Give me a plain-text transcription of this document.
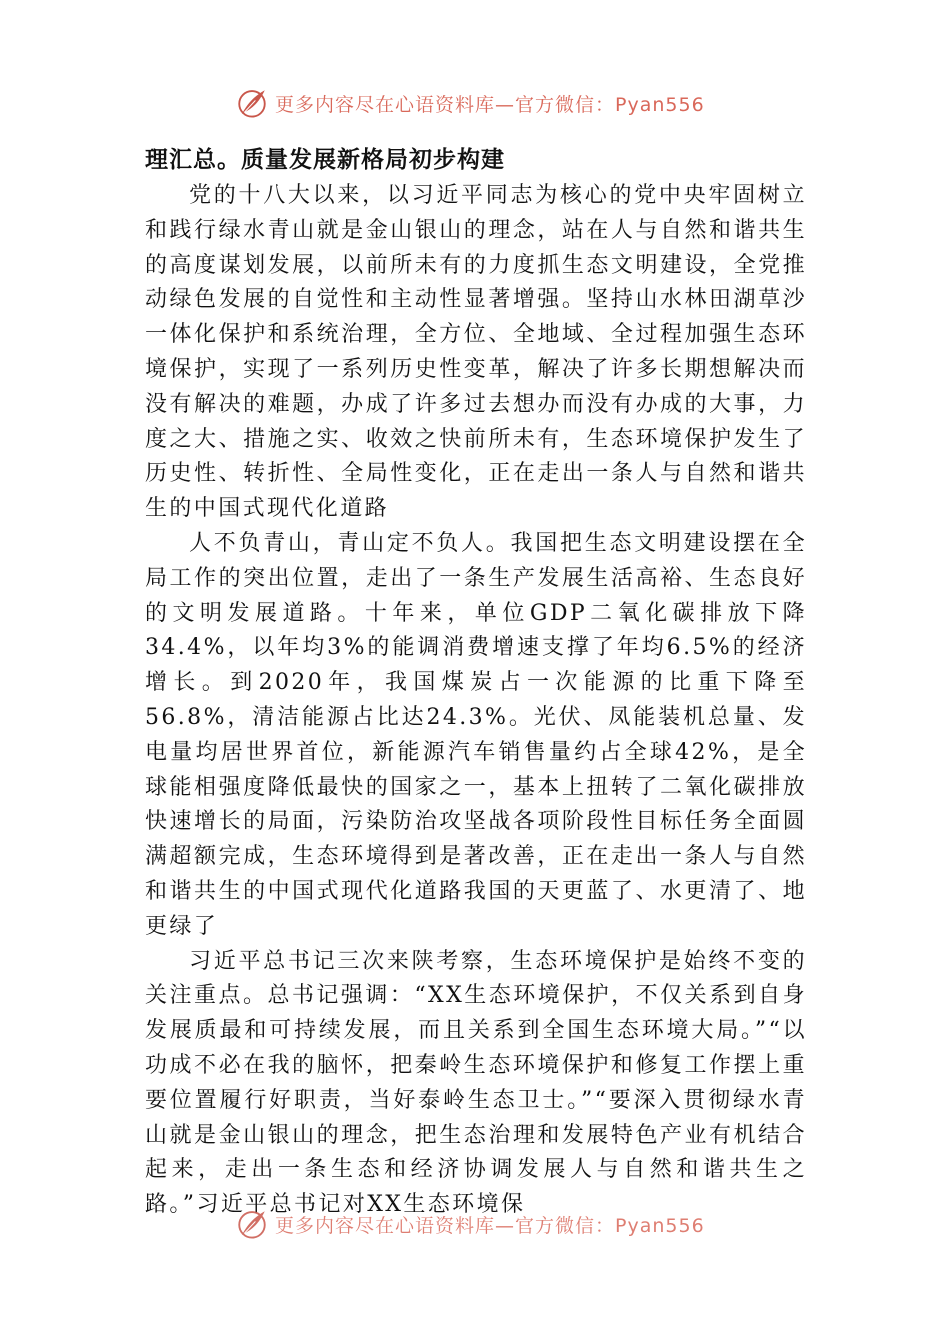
更多内容尽在心语资料库—官方微信：Pyan556
理汇总。质量发展新格局初步构建

党的十八大以来，以习近平同志为核心的党中央牢固树立和践行绿水青山就是金山银山的理念，站在人与自然和谐共生的高度谋划发展，以前所未有的力度抓生态文明建设，全党推动绿色发展的自觉性和主动性显著增强。坚持山水林田湖草沙一体化保护和系统治理，全方位、全地域、全过程加强生态环境保护，实现了一系列历史性变革，解决了许多长期想解决而没有解决的难题，办成了许多过去想办而没有办成的大事，力度之大、措施之实、收效之快前所未有，生态环境保护发生了历史性、转折性、全局性变化，正在走出一条人与自然和谐共生的中国式现代化道路

人不负青山，青山定不负人。我国把生态文明建设摆在全局工作的突出位置，走出了一条生产发展生活高裕、生态良好的文明发展道路。十年来，单位GDP二氧化碳排放下降34.4%，以年均3%的能调消费增速支撑了年均6.5%的经济增长。到2020年，我国煤炭占一次能源的比重下降至56.8%，清洁能源占比达24.3%。光伏、凤能装机总量、发电量均居世界首位，新能源汽车销售量约占全球42%，是全球能相强度降低最快的国家之一，基本上扭转了二氧化碳排放快速增长的局面，污染防治攻坚战各项阶段性目标任务全面圆满超额完成，生态环境得到是著改善，正在走出一条人与自然和谐共生的中国式现代化道路我国的天更蓝了、水更清了、地更绿了

习近平总书记三次来陕考察，生态环境保护是始终不变的关注重点。总书记强调：“XX生态环境保护，不仅关系到自身发展质最和可持续发展，而且关系到全国生态环境大局。”“以功成不必在我的脑怀，把秦岭生态环境保护和修复工作摆上重要位置履行好职责，当好泰岭生态卫士。”“要深入贯彻绿水青山就是金山银山的理念，把生态治理和发展特色产业有机结合起来，走出一条生态和经济协调发展人与自然和谐共生之路。”习近平总书记对XX生态环境保

更多内容尽在心语资料库—官方微信：Pyan556
